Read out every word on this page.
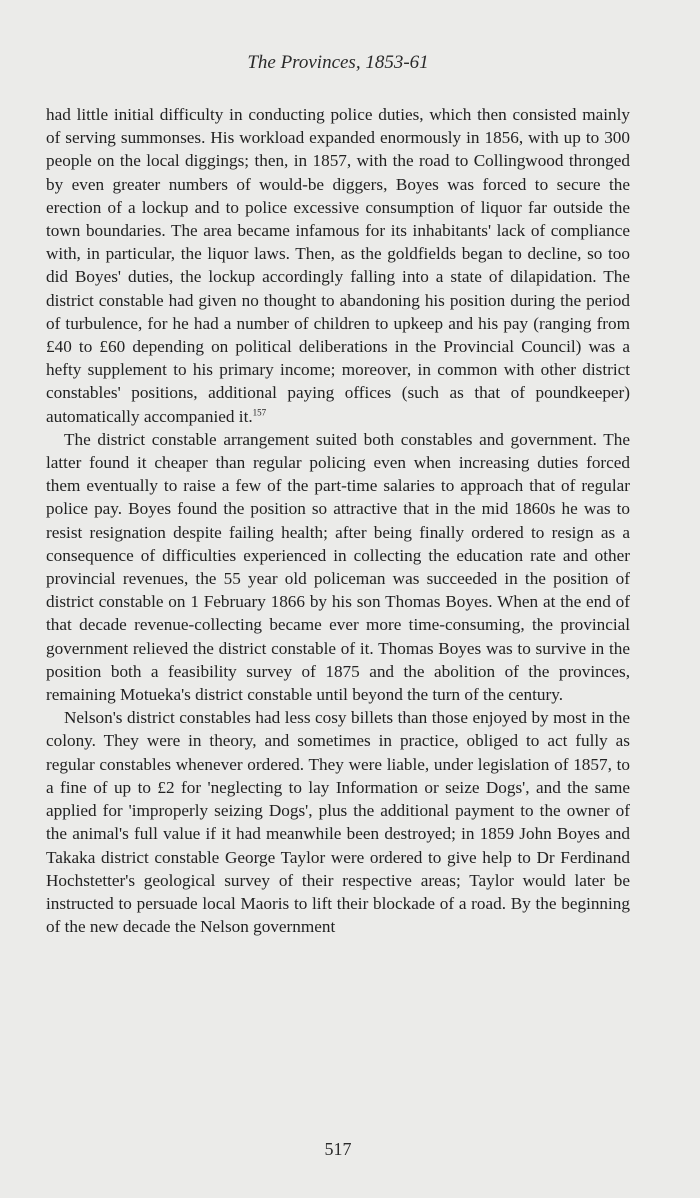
The Provinces, 1853-61

had little initial difficulty in conducting police duties, which then consisted mainly of serving summonses. His workload expanded enormously in 1856, with up to 300 people on the local diggings; then, in 1857, with the road to Collingwood thronged by even greater numbers of would-be diggers, Boyes was forced to secure the erection of a lockup and to police excessive consumption of liquor far outside the town boundaries. The area became infamous for its inhabitants' lack of compliance with, in particular, the liquor laws. Then, as the goldfields began to decline, so too did Boyes' duties, the lockup accordingly falling into a state of dilapidation. The district constable had given no thought to abandoning his position during the period of turbulence, for he had a number of children to upkeep and his pay (ranging from £40 to £60 depending on political deliberations in the Provincial Council) was a hefty supplement to his primary income; moreover, in common with other district constables' positions, additional paying offices (such as that of poundkeeper) automatically accompanied it.$^{157}$

The district constable arrangement suited both constables and government. The latter found it cheaper than regular policing even when increasing duties forced them eventually to raise a few of the part-time salaries to approach that of regular police pay. Boyes found the position so attractive that in the mid 1860s he was to resist resignation despite failing health; after being finally ordered to resign as a consequence of difficulties experienced in collecting the education rate and other provincial revenues, the 55 year old policeman was succeeded in the position of district constable on 1 February 1866 by his son Thomas Boyes. When at the end of that decade revenue-collecting became ever more time-consuming, the provincial government relieved the district constable of it. Thomas Boyes was to survive in the position both a feasibility survey of 1875 and the abolition of the provinces, remaining Motueka's district constable until beyond the turn of the century.

Nelson's district constables had less cosy billets than those enjoyed by most in the colony. They were in theory, and sometimes in practice, obliged to act fully as regular constables whenever ordered. They were liable, under legislation of 1857, to a fine of up to £2 for 'neglecting to lay Information or seize Dogs', and the same applied for 'improperly seizing Dogs', plus the additional payment to the owner of the animal's full value if it had meanwhile been destroyed; in 1859 John Boyes and Takaka district constable George Taylor were ordered to give help to Dr Ferdinand Hochstetter's geological survey of their respective areas; Taylor would later be instructed to persuade local Maoris to lift their blockade of a road. By the beginning of the new decade the Nelson government

517
